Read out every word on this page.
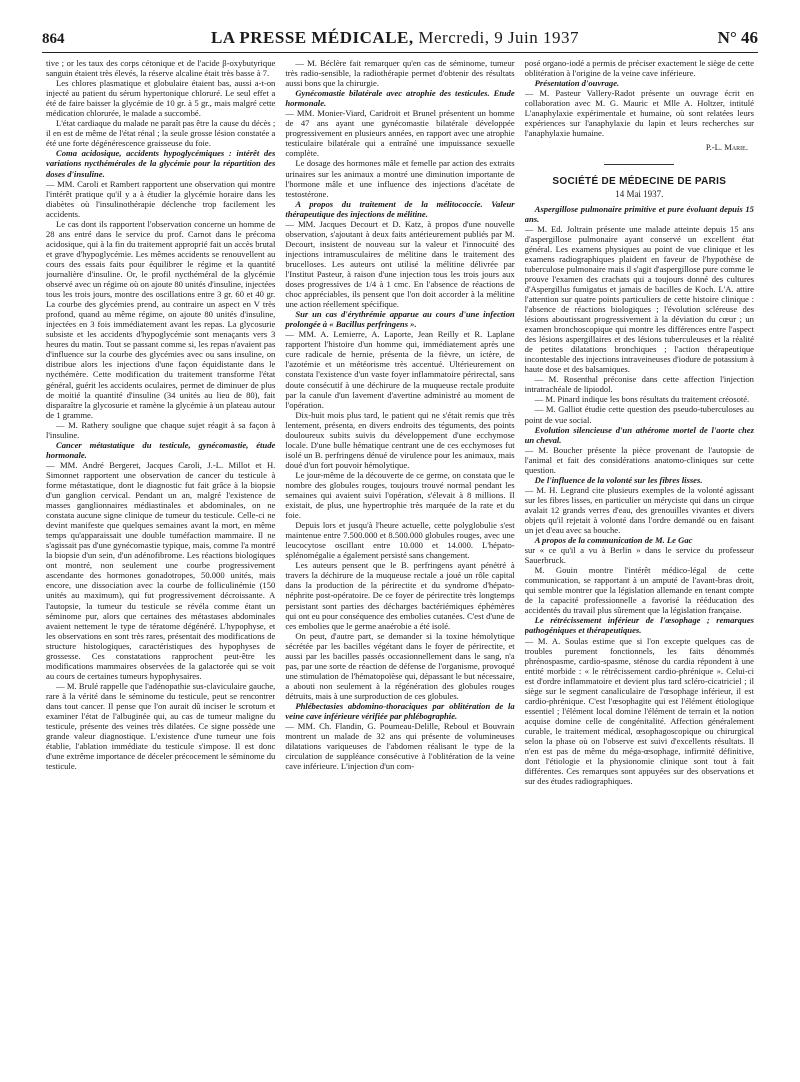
864	LA PRESSE MÉDICALE, Mercredi, 9 Juin 1937	N° 46

tive ; or les taux des corps cétonique et de l'acide β-oxybutyrique sanguin étaient très élevés, la réserve alcaline était très basse à 7.

Les chlores plasmatique et globulaire étaient bas, aussi a-t-on injecté au patient du sérum hypertonique chloruré. Le seul effet a été de faire baisser la glycémie de 10 gr. à 5 gr., mais malgré cette médication chlorurée, le malade a succombé.

L'état cardiaque du malade ne paraît pas être la cause du décès ; il en est de même de l'état rénal ; la seule grosse lésion constatée a été une forte dégénérescence graisseuse du foie.

Coma acidosique, accidents hypoglycémiques : intérêt des variations nycthémérales de la glycémie pour la répartition des doses d'insuline.

— MM. Caroli et Rambert rapportent une observation qui montre l'intérêt pratique qu'il y a à étudier la glycémie horaire dans les diabètes où l'insulinothérapie déclenche trop facilement les accidents.

Le cas dont ils rapportent l'observation concerne un homme de 28 ans entré dans le service du prof. Carnot dans le précoma acidosique, qui à la fin du traitement approprié fait un accès brutal et grave d'hypoglycémie. Les mêmes accidents se renouvellent au cours des essais faits pour équilibrer le régime et la quantité journalière d'insuline. Or, le profil nycthéméral de la glycémie observé avec un régime où on ajoute 80 unités d'insuline, injectées tous les trois jours, montre des oscillations entre 3 gr. 60 et 40 gr. La courbe des glycémies prend, au contraire un aspect en V très profond, quand au même régime, on ajoute 80 unités d'insuline, injectées en 3 fois immédiatement avant les repas. La glycosurie subsiste et les accidents d'hypoglycémie sont menaçants vers 3 heures du matin. Tout se passant comme si, les repas n'avaient pas d'influence sur la courbe des glycémies avec ou sans insuline, on distribue alors les injections d'une façon équidistante dans le nycthémère. Cette modification du traitement transforme l'état général, guérit les accidents oculaires, permet de diminuer de plus de moitié la quantité d'insuline (34 unités au lieu de 80), fait disparaître la glycosurie et ramène la glycémie à un plateau autour de 1 gramme.

— M. Rathery souligne que chaque sujet réagit à sa façon à l'insuline.

Cancer métastatique du testicule, gynécomastie, étude hormonale.

— MM. André Bergeret, Jacques Caroli, J.-L. Millot et H. Simonnet rapportent une observation de cancer du testicule à forme métastatique, dont le diagnostic fut fait grâce à la biopsie d'un ganglion cervical. Pendant un an, malgré l'existence de masses ganglionnaires médiastinales et abdominales, on ne constata aucune signe clinique de tumeur du testicule. Celle-ci ne devint manifeste que quelques semaines avant la mort, en même temps qu'apparaissait une double tuméfaction mammaire. Il ne s'agissait pas d'une gynécomastie typique, mais, comme l'a montré la biopsie d'un sein, d'un adénofibrome. Les réactions biologiques ont montré, non seulement une courbe progressivement ascendante des hormones gonadotropes, 50.000 unités, mais encore, une dissociation avec la courbe de folliculinémie (150 unités au maximum), qui fut progressivement décroissante. A l'autopsie, la tumeur du testicule se révéla comme étant un séminome pur, alors que certaines des métastases abdominales avaient nettement le type de tératome dégénéré. L'hypophyse, et les observations en sont très rares, présentait des modifications de structure histologiques, caractéristiques des hypophyses de grossesse. Ces constatations rapprochent peut-être les modifications mammaires observées de la galactorée qui se voit au cours de certaines tumeurs hypophysaires.

— M. Brulé rappelle que l'adénopathie sus-claviculaire gauche, rare à la vérité dans le séminome du testicule, peut se rencontrer dans tout cancer. Il pense que l'on aurait dû inciser le scrotum et examiner l'état de l'albuginée qui, au cas de tumeur maligne du testicule, présente des veines très dilatées. Ce signe possède une grande valeur diagnostique. L'existence d'une tumeur une fois établie, l'ablation immédiate du testicule s'impose. Il est donc d'une extrême importance de déceler précocement le séminome du testicule.

— M. Béclère fait remarquer qu'en cas de séminome, tumeur très radio-sensible, la radiothérapie permet d'obtenir des résultats aussi bons que la chirurgie.

Gynécomastie bilatérale avec atrophie des testicules. Etude hormonale.

— MM. Monier-Viard, Caridroit et Brunel présentent un homme de 47 ans ayant une gynécomastie bilatérale développée progressivement en plusieurs années, en rapport avec une atrophie testiculaire bilatérale qui a entraîné une impuissance sexuelle complète.

Le dosage des hormones mâle et femelle par action des extraits urinaires sur les animaux a montré une diminution importante de l'hormone mâle et une influence des injections d'acétate de testostérone.

A propos du traitement de la mélitococcie. Valeur thérapeutique des injections de mélitine.

— MM. Jacques Decourt et D. Katz, à propos d'une nouvelle observation, s'ajoutant à deux faits antérieurement publiés par M. Decourt, insistent de nouveau sur la valeur et l'innocuité des injections intramusculaires de mélitine dans le traitement des brucelloses. Les auteurs ont utilisé la mélitine délivrée par l'Institut Pasteur, à raison d'une injection tous les trois jours aux doses progressives de 1/4 à 1 cmc. En l'absence de réactions de choc appréciables, ils pensent que l'on doit accorder à la mélitine une action réellement spécifique.

Sur un cas d'érythrémie apparue au cours d'une infection prolongée à « Bacillus perfringens ».

— MM. A. Lemierre, A. Laporte, Jean Reilly et R. Laplane rapportent l'histoire d'un homme qui, immédiatement après une cure radicale de hernie, présenta de la fièvre, un ictère, de l'azotémie et un météorisme très accentué. Ultérieurement on constata l'existence d'un vaste foyer inflammatoire périrectal, sans doute consécutif à une déchirure de la muqueuse rectale produite par la canule d'un lavement d'avertine administré au moment de l'opération.

Dix-huit mois plus tard, le patient qui ne s'était remis que très lentement, présenta, en divers endroits des téguments, des points douloureux subits suivis du développement d'une ecchymose locale. D'une bulle hématique centrant une de ces ecchymoses fut isolé un B. perfringens dénué de virulence pour les animaux, mais doué d'un fort pouvoir hémolytique.

Le jour-même de la découverte de ce germe, on constata que le nombre des globules rouges, toujours trouvé normal pendant les semaines qui avaient suivi l'opération, s'élevait à 8 millions. Il existait, de plus, une hypertrophie très marquée de la rate et du foie.

Depuis lors et jusqu'à l'heure actuelle, cette polyglobulie s'est maintenue entre 7.500.000 et 8.500.000 globules rouges, avec une leucocytose oscillant entre 10.000 et 14.000. L'hépato-splénomégalie a également persisté sans changement.

Les auteurs pensent que le B. perfringens ayant pénétré à travers la déchirure de la muqueuse rectale a joué un rôle capital dans la production de la périrectite et du syndrome d'hépato-néphrite post-opératoire. De ce foyer de périrectite très longtemps persistant sont parties des décharges bactériémiques éphémères qui ont eu pour conséquence des embolies cutanées. C'est d'une de ces embolies que le germe anaérobie a été isolé.

On peut, d'autre part, se demander si la toxine hémolytique sécrétée par les bacilles végétant dans le foyer de périrectite, et aussi par les bacilles passés occasionnellement dans le sang, n'a pas, par une sorte de réaction de défense de l'organisme, provoqué une stimulation de l'hématopoïèse qui, dépassant le but nécessaire, a abouti non seulement à la régénération des globules rouges détruits, mais à une surproduction de ces globules.

Phlébectasies abdomino-thoraciques par oblitération de la veine cave inférieure vérifiée par phlébographie.

— MM. Ch. Flandin, G. Poumeau-Delille, Reboul et Bouvrain montrent un malade de 32 ans qui présente de volumineuses dilatations variqueuses de l'abdomen réalisant le type de la circulation de suppléance consécutive à l'oblitération de la veine cave inférieure. L'injection d'un com-

posé organo-iodé a permis de préciser exactement le siège de cette oblitération à l'origine de la veine cave inférieure.

Présentation d'ouvrage.

— M. Pasteur Vallery-Radot présente un ouvrage écrit en collaboration avec M. G. Mauric et Mlle A. Holtzer, intitulé L'anaphylaxie expérimentale et humaine, où sont relatées leurs expériences sur l'anaphylaxie du lapin et leurs recherches sur l'anaphylaxie humaine.

P.-L. Marie.
SOCIÉTÉ DE MÉDECINE DE PARIS
14 Mai 1937.

Aspergillose pulmonaire primitive et pure évoluant depuis 15 ans.

— M. Ed. Joltrain présente une malade atteinte depuis 15 ans d'aspergillose pulmonaire ayant conservé un excellent état général. Les examens physiques au point de vue clinique et les examens radiographiques plaident en faveur de l'hypothèse de tuberculose pulmonaire mais il s'agit d'aspergillose pure comme le prouve l'examen des crachats qui a toujours donné des cultures d'Aspergillus fumigatus et jamais de bacilles de Koch. L'A. attire l'attention sur quatre points particuliers de cette histoire clinique : l'absence de réactions biologiques ; l'évolution scléreuse des lésions aboutissant progressivement à la déviation du cœur ; un examen bronchoscopique qui montre les différences entre l'aspect des lésions aspergillaires et des lésions tuberculeuses et la réalité de petites dilatations bronchiques ; l'action thérapeutique incontestable des injections intraveineuses d'iodure de potassium à haute dose et des balsamiques.

— M. Rosenthal préconise dans cette affection l'injection intratrachéale de lipiodol.

— M. Pinard indique les bons résultats du traitement créosoté.

— M. Galliot étudie cette question des pseudo-tuberculoses au point de vue social.

Evolution silencieuse d'un athérome mortel de l'aorte chez un cheval.

— M. Boucher présente la pièce provenant de l'autopsie de l'animal et fait des considérations anatomo-cliniques sur cette question.

De l'influence de la volonté sur les fibres lisses.

— M. H. Legrand cite plusieurs exemples de la volonté agissant sur les fibres lisses, en particulier un méryciste qui dans un cirque avalait 12 grands verres d'eau, des grenouilles vivantes et divers objets qu'il rejetait à volonté dans l'ordre demandé ou en faisant un jet d'eau avec sa bouche.

A propos de la communication de M. Le Gac

sur « ce qu'il a vu à Berlin » dans le service du professeur Sauerbruck.

M. Gouin montre l'intérêt médico-légal de cette communication, se rapportant à un amputé de l'avant-bras droit, qui semble montrer que la législation allemande en tenant compte de la capacité professionnelle a favorisé la rééducation des accidentés du travail plus sûrement que la législation française.

Le rétrécissement inférieur de l'œsophage ; remarques pathogéniques et thérapeutiques.

— M. A. Soulas estime que si l'on excepte quelques cas de troubles purement fonctionnels, les faits dénommés phrénospasme, cardio-spasme, sténose du cardia répondent à une entité morbide : « le rétrécissement cardio-phrénique ». Celui-ci est d'ordre inflammatoire et devient plus tard scléro-cicatriciel ; il siège sur le segment canaliculaire de l'œsophage inférieur, il est cardio-phrénique. C'est l'œsophagite qui est l'élément étiologique essentiel ; l'élément local domine l'élément de terrain et la notion acquise domine celle de congénitalité. Affection généralement curable, le traitement médical, œsophagoscopique ou chirurgical selon la phase où on l'observe est suivi d'excellents résultats. Il n'en est pas de même du méga-œsophage, infirmité définitive, dont l'étiologie et la physionomie clinique sont tout à fait différentes. Ces remarques sont appuyées sur des observations et sur des études radiographiques.
